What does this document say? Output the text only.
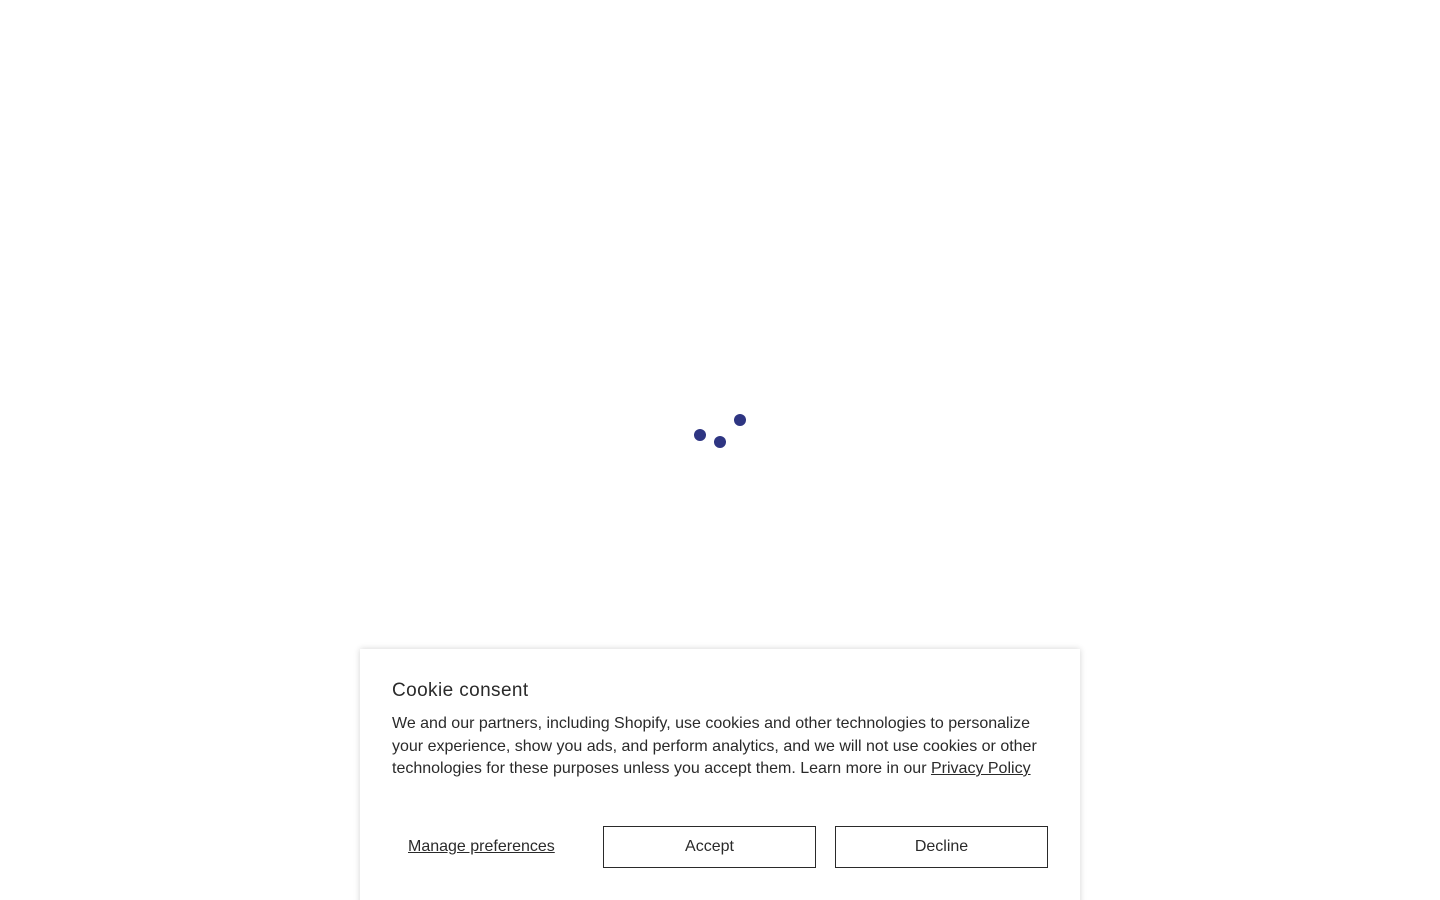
Cookie consent

We and our partners, including Shopify, use cookies and other technologies to personalize your experience, show you ads, and perform analytics, and we will not use cookies or other technologies for these purposes unless you accept them. Learn more in our Privacy Policy

Manage preferences	Accept	Decline
